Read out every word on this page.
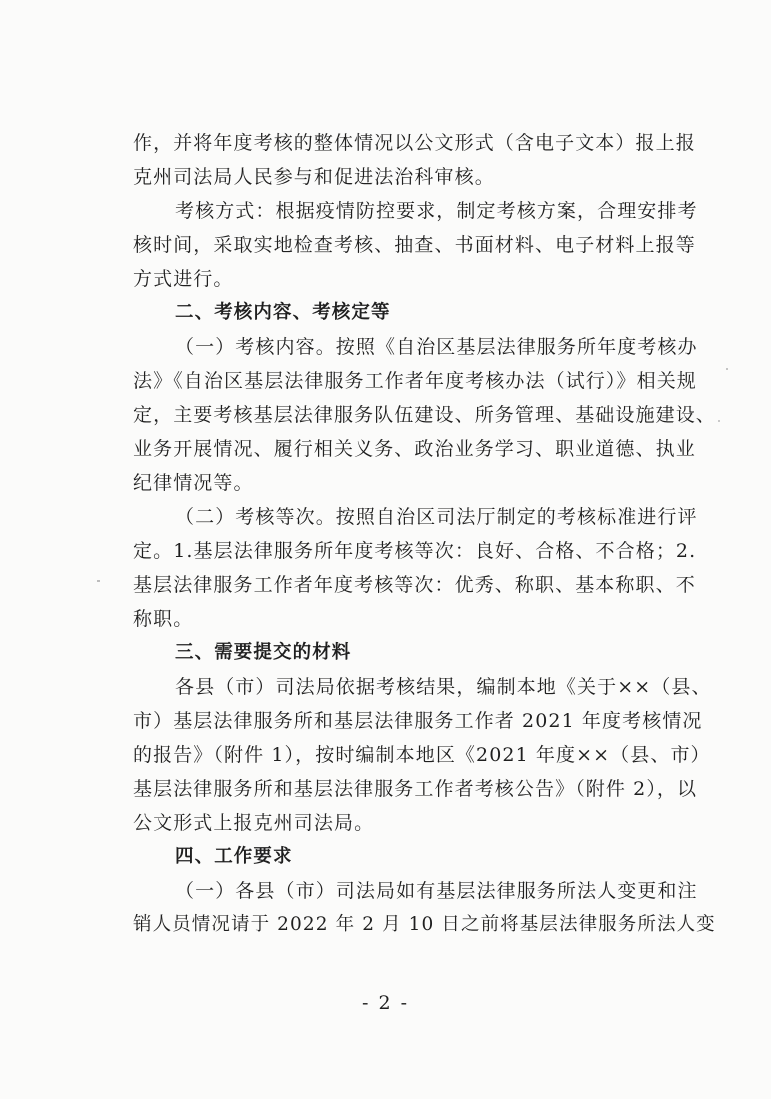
作，并将年度考核的整体情况以公文形式（含电子文本）报上报
克州司法局人民参与和促进法治科审核。
考核方式：根据疫情防控要求，制定考核方案，合理安排考
核时间，采取实地检查考核、抽查、书面材料、电子材料上报等
方式进行。
二、考核内容、考核定等
（一）考核内容。按照《自治区基层法律服务所年度考核办
法》《自治区基层法律服务工作者年度考核办法（试行）》相关规
定，主要考核基层法律服务队伍建设、所务管理、基础设施建设、
业务开展情况、履行相关义务、政治业务学习、职业道德、执业
纪律情况等。
（二）考核等次。按照自治区司法厅制定的考核标准进行评
定。1.基层法律服务所年度考核等次：良好、合格、不合格；2.
基层法律服务工作者年度考核等次：优秀、称职、基本称职、不
称职。
三、需要提交的材料
各县（市）司法局依据考核结果，编制本地《关于××（县、
市）基层法律服务所和基层法律服务工作者 2021 年度考核情况
的报告》（附件 1），按时编制本地区《2021 年度××（县、市）
基层法律服务所和基层法律服务工作者考核公告》（附件 2），以
公文形式上报克州司法局。
四、工作要求
（一）各县（市）司法局如有基层法律服务所法人变更和注
销人员情况请于 2022 年 2 月 10 日之前将基层法律服务所法人变
- 2 -
